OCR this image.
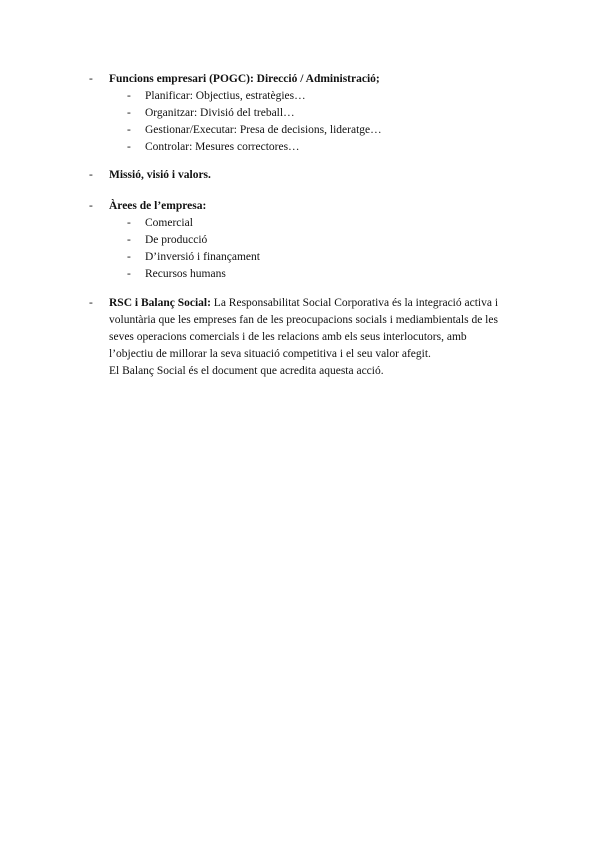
- Funcions empresari (POGC): Direcció / Administració;
- Planificar: Objectius, estratègies…
- Organitzar: Divisió del treball…
- Gestionar/Executar: Presa de decisions, lideratge…
- Controlar: Mesures correctores…
- Missió, visió i valors.
- Àrees de l’empresa:
- Comercial
- De producció
- D’inversió i finançament
- Recursos humans
- RSC i Balanç Social: La Responsabilitat Social Corporativa és la integració activa i
voluntària que les empreses fan de les preocupacions socials i mediambientals de les
seves operacions comercials i de les relacions amb els seus interlocutors, amb
l’objectiu de millorar la seva situació competitiva i el seu valor afegit.
El Balanç Social és el document que acredita aquesta acció.
